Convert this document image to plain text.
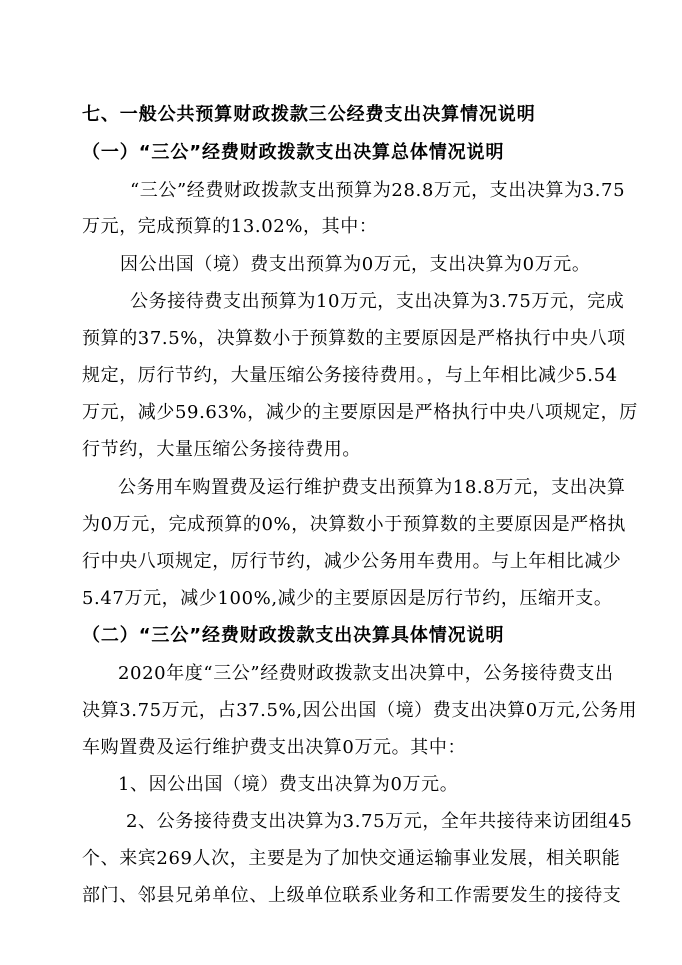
七、一般公共预算财政拨款三公经费支出决算情况说明
（一）“三公”经费财政拨款支出决算总体情况说明
“三公”经费财政拨款支出预算为28.8万元，支出决算为3.75
万元，完成预算的13.02%，其中：
因公出国（境）费支出预算为0万元，支出决算为0万元。
公务接待费支出预算为10万元，支出决算为3.75万元，完成
预算的37.5%，决算数小于预算数的主要原因是严格执行中央八项
规定，厉行节约，大量压缩公务接待费用。，与上年相比减少5.54
万元，减少59.63%，减少的主要原因是严格执行中央八项规定，厉
行节约，大量压缩公务接待费用。
公务用车购置费及运行维护费支出预算为18.8万元，支出决算
为0万元，完成预算的0%，决算数小于预算数的主要原因是严格执
行中央八项规定，厉行节约，减少公务用车费用。与上年相比减少
5.47万元，减少100%,减少的主要原因是厉行节约，压缩开支。
（二）“三公”经费财政拨款支出决算具体情况说明
2020年度“三公”经费财政拨款支出决算中，公务接待费支出
决算3.75万元，占37.5%,因公出国（境）费支出决算0万元,公务用
车购置费及运行维护费支出决算0万元。其中：
1、因公出国（境）费支出决算为0万元。
2、公务接待费支出决算为3.75万元，全年共接待来访团组45
个、来宾269人次，主要是为了加快交通运输事业发展，相关职能
部门、邻县兄弟单位、上级单位联系业务和工作需要发生的接待支
